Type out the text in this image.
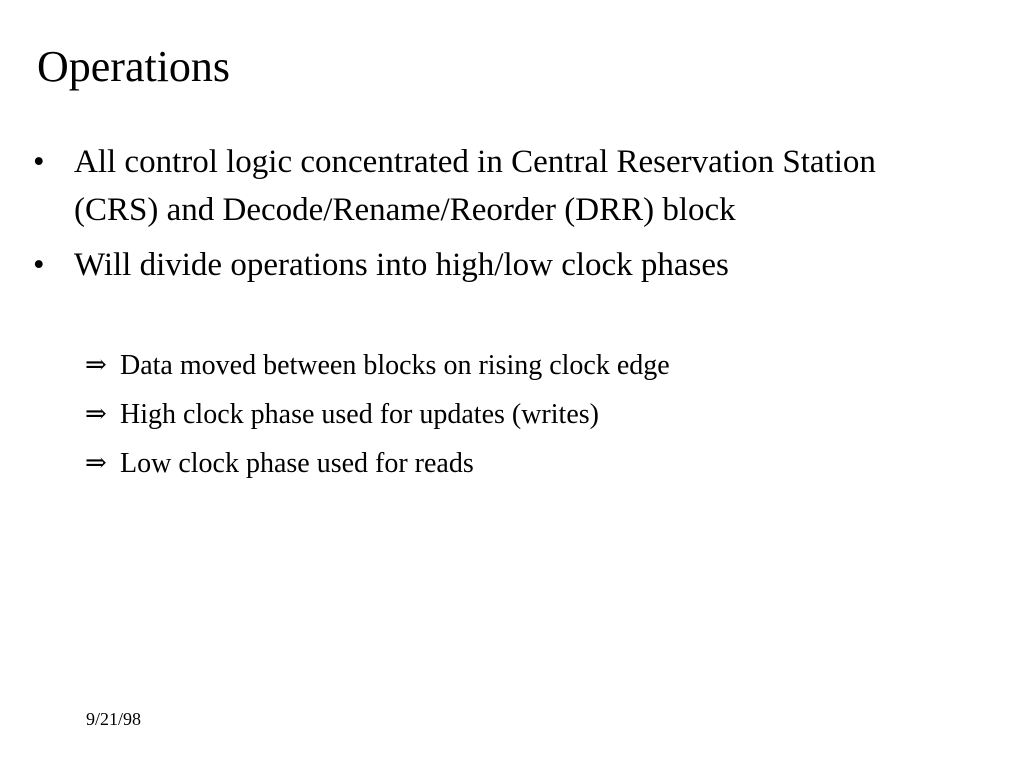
Operations
• All control logic concentrated in Central Reservation Station (CRS) and Decode/Rename/Reorder (DRR) block
• Will divide operations into high/low clock phases
⇒ Data moved between blocks on rising clock edge
⇒ High clock phase used for updates (writes)
⇒ Low clock phase used for reads
9/21/98
